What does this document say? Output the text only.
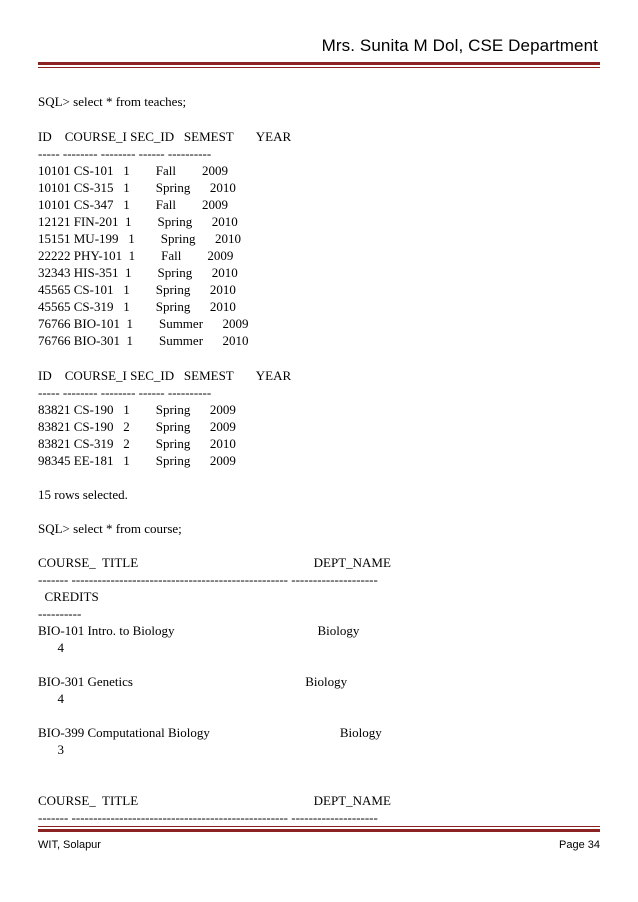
Mrs. Sunita M Dol, CSE Department
SQL> select * from teaches;
ID    COURSE_I SEC_ID   SEMEST       YEAR
----- -------- -------- ------ ----------
10101 CS-101   1        Fall        2009
10101 CS-315   1        Spring      2010
10101 CS-347   1        Fall        2009
12121 FIN-201  1        Spring      2010
15151 MU-199   1        Spring      2010
22222 PHY-101  1        Fall        2009
32343 HIS-351  1        Spring      2010
45565 CS-101   1        Spring      2010
45565 CS-319   1        Spring      2010
76766 BIO-101  1        Summer      2009
76766 BIO-301  1        Summer      2010
ID    COURSE_I SEC_ID   SEMEST       YEAR
----- -------- -------- ------ ----------
83821 CS-190   1        Spring      2009
83821 CS-190   2        Spring      2009
83821 CS-319   2        Spring      2010
98345 EE-181   1        Spring      2009
15 rows selected.
SQL> select * from course;
COURSE_  TITLE                                                      DEPT_NAME
------- -------------------------------------------------- --------------------
CREDITS
----------
BIO-101 Intro. to Biology                                            Biology
4
BIO-301 Genetics                                                     Biology
4
BIO-399 Computational Biology                                        Biology
3
COURSE_  TITLE                                                      DEPT_NAME
------- -------------------------------------------------- --------------------
WIT, Solapur	Page 34
